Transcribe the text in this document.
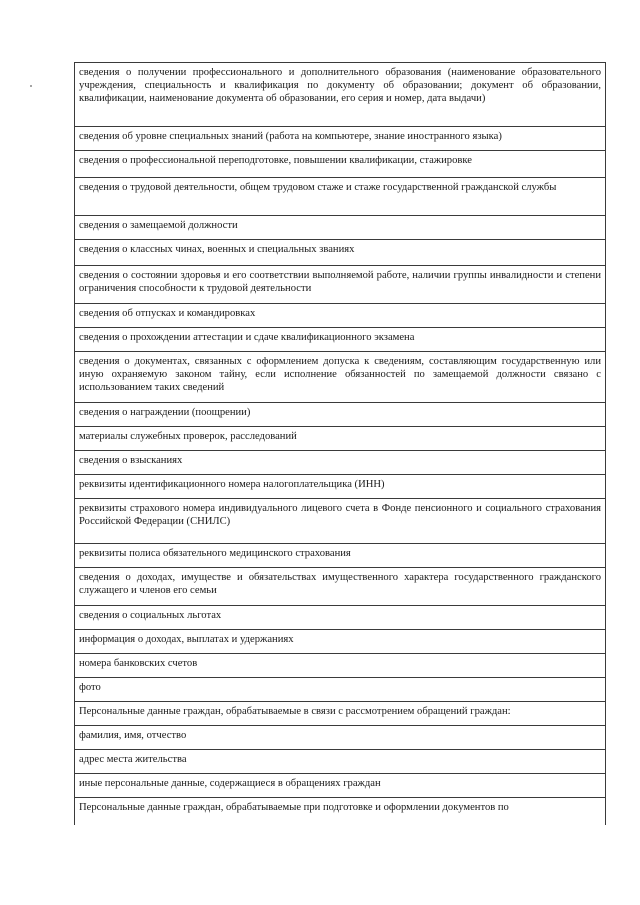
сведения о получении профессионального и дополнительного образования (наименование образовательного учреждения, специальность и квалификация по документу об образовании; документ об образовании, квалификации, наименование документа об образовании, его серия и номер, дата выдачи)
сведения об уровне специальных знаний (работа на компьютере, знание иностранного языка)
сведения о профессиональной переподготовке, повышении квалификации, стажировке
сведения о трудовой деятельности, общем трудовом стаже и стаже государственной гражданской службы
сведения о замещаемой должности
сведения о классных чинах, военных и специальных званиях
сведения о состоянии здоровья и его соответствии выполняемой работе, наличии группы инвалидности и степени ограничения способности к трудовой деятельности
сведения об отпусках и командировках
сведения о прохождении аттестации и сдаче квалификационного экзамена
сведения о документах, связанных с оформлением допуска к сведениям, составляющим государственную или иную охраняемую законом тайну, если исполнение обязанностей по замещаемой должности связано с использованием таких сведений
сведения о награждении (поощрении)
материалы служебных проверок, расследований
сведения о взысканиях
реквизиты идентификационного номера налогоплательщика (ИНН)
реквизиты страхового номера индивидуального лицевого счета в Фонде пенсионного и социального страхования Российской Федерации (СНИЛС)
реквизиты полиса обязательного медицинского страхования
сведения о доходах, имуществе и обязательствах имущественного характера государственного гражданского служащего и членов его семьи
сведения о социальных льготах
информация о доходах, выплатах и удержаниях
номера банковских счетов
фото
Персональные данные граждан, обрабатываемые в связи с рассмотрением обращений граждан:
фамилия, имя, отчество
адрес места жительства
иные персональные данные, содержащиеся в обращениях граждан
Персональные данные граждан, обрабатываемые при подготовке и оформлении документов по
